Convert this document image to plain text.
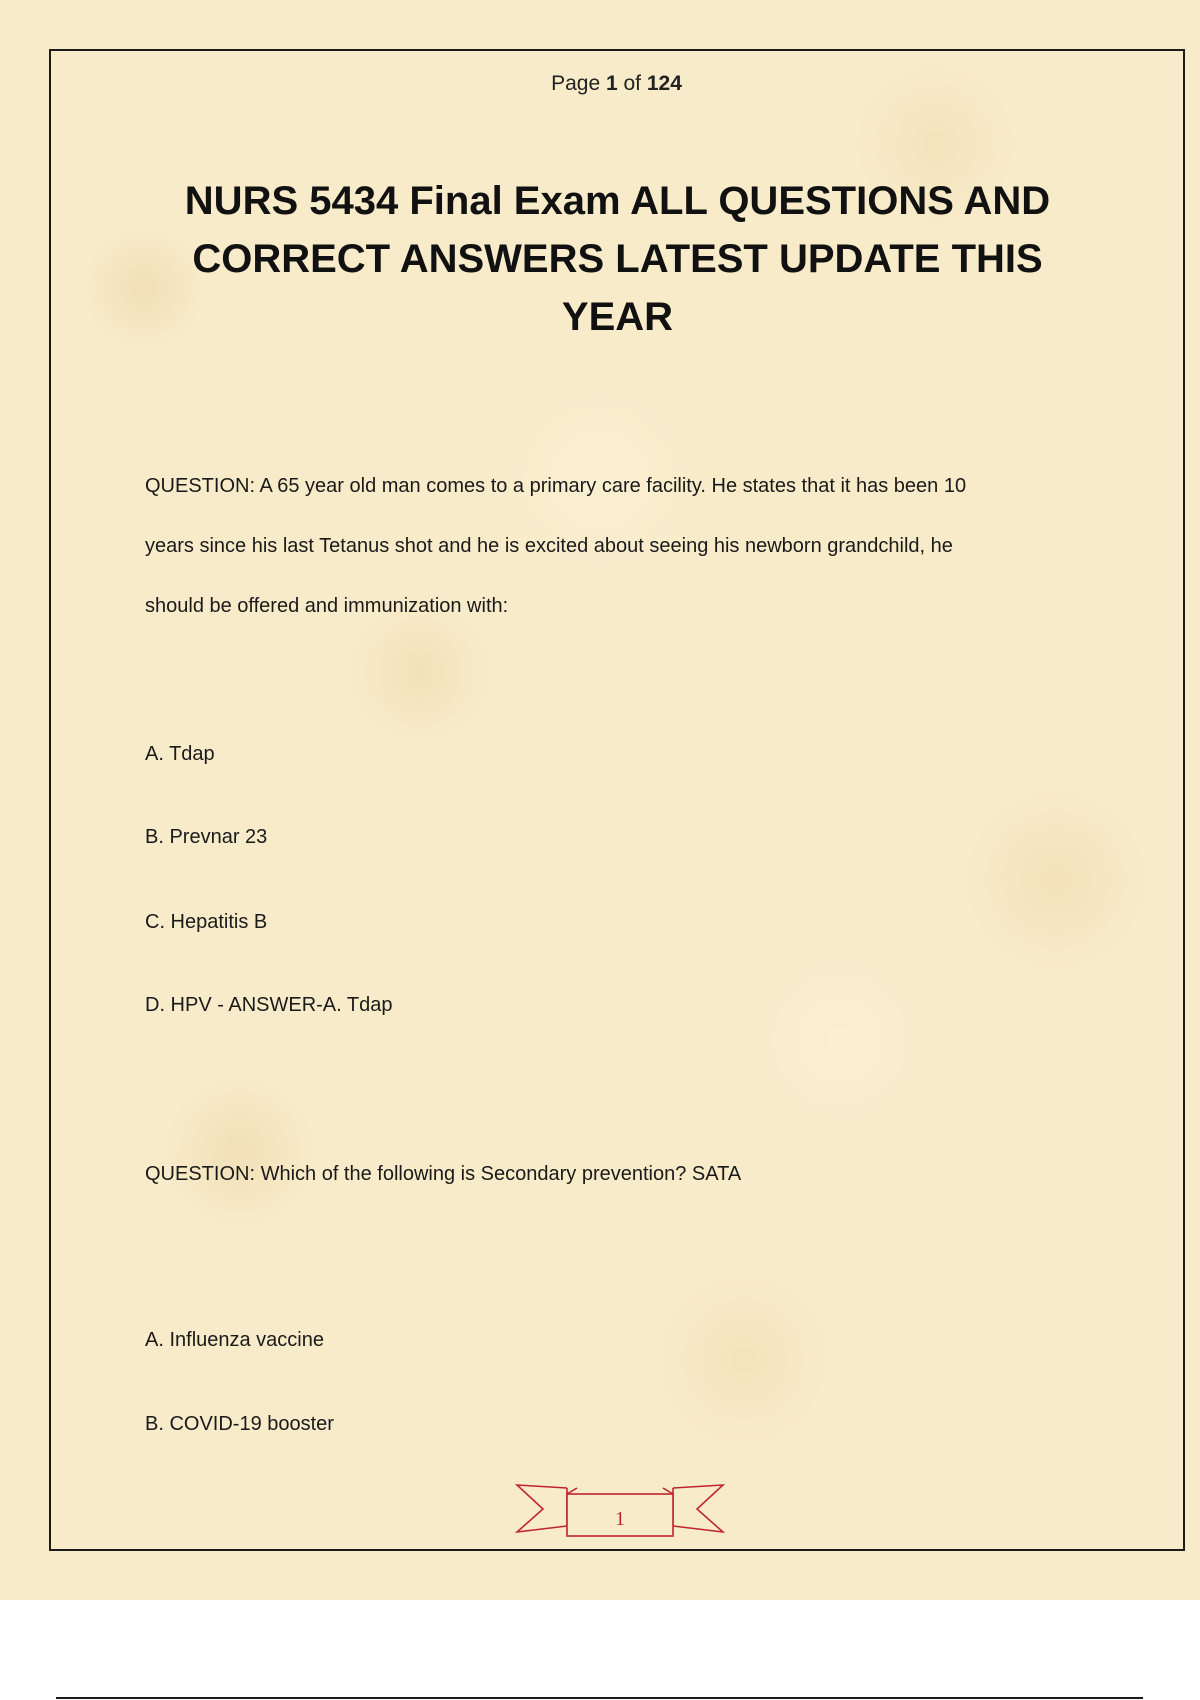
Page 1 of 124
NURS 5434 Final Exam ALL QUESTIONS AND CORRECT ANSWERS LATEST UPDATE THIS YEAR
QUESTION: A 65 year old man comes to a primary care facility. He states that it has been 10
years since his last Tetanus shot and he is excited about seeing his newborn grandchild, he
should be offered and immunization with:
A. Tdap
B. Prevnar 23
C. Hepatitis B
D. HPV - ANSWER-A. Tdap
QUESTION: Which of the following is Secondary prevention? SATA
A. Influenza vaccine
B. COVID-19 booster
1
